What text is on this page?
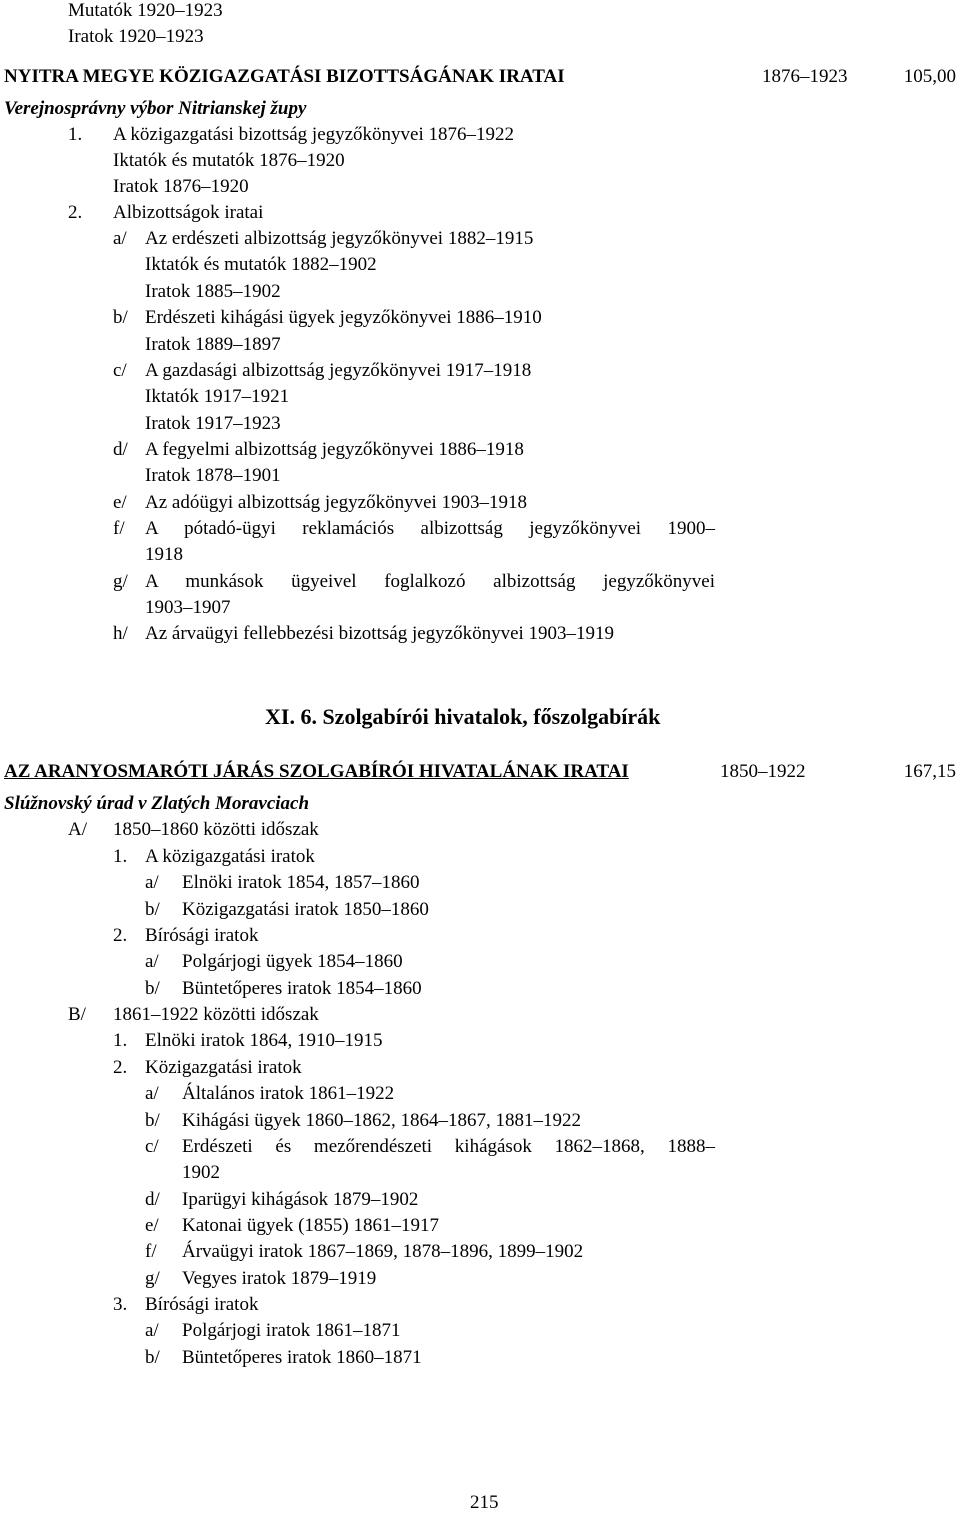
Mutatók 1920–1923
Iratok 1920–1923
NYITRA MEGYE KÖZIGAZGATÁSI BIZOTTSÁGÁNAK IRATAI	1876–1923	105,00
Verejnosprávny výbor Nitrianskej župy
1. A közigazgatási bizottság jegyzőkönyvei 1876–1922
Iktatók és mutatók 1876–1920
Iratok 1876–1920
2. Albizottságok iratai
a/ Az erdészeti albizottság jegyzőkönyvei 1882–1915
Iktatók és mutatók 1882–1902
Iratok 1885–1902
b/ Erdészeti kihágási ügyek jegyzőkönyvei 1886–1910
Iratok 1889–1897
c/ A gazdasági albizottság jegyzőkönyvei 1917–1918
Iktatók 1917–1921
Iratok 1917–1923
d/ A fegyelmi albizottság jegyzőkönyvei 1886–1918
Iratok 1878–1901
e/ Az adóügyi albizottság jegyzőkönyvei 1903–1918
f/ A pótadó-ügyi reklamációs albizottság jegyzőkönyvei 1900–
1918
g/ A munkások ügyeivel foglalkozó albizottság jegyzőkönyvei
1903–1907
h/ Az árvaügyi fellebbezési bizottság jegyzőkönyvei 1903–1919
XI. 6. Szolgabírói hivatalok, főszolgabírák
AZ ARANYOSMARÓTI JÁRÁS SZOLGABÍRÓI HIVATALÁNAK IRATAI	1850–1922	167,15
Slúžnovský úrad v Zlatých Moravciach
A/ 1850–1860 közötti időszak
1. A közigazgatási iratok
a/ Elnöki iratok 1854, 1857–1860
b/ Közigazgatási iratok 1850–1860
2. Bírósági iratok
a/ Polgárjogi ügyek 1854–1860
b/ Büntetőperes iratok 1854–1860
B/ 1861–1922 közötti időszak
1. Elnöki iratok 1864, 1910–1915
2. Közigazgatási iratok
a/ Általános iratok 1861–1922
b/ Kihágási ügyek 1860–1862, 1864–1867, 1881–1922
c/ Erdészeti és mezőrendészeti kihágások 1862–1868, 1888–
1902
d/ Iparügyi kihágások 1879–1902
e/ Katonai ügyek (1855) 1861–1917
f/ Árvaügyi iratok 1867–1869, 1878–1896, 1899–1902
g/ Vegyes iratok 1879–1919
3. Bírósági iratok
a/ Polgárjogi iratok 1861–1871
b/ Büntetőperes iratok 1860–1871
215
